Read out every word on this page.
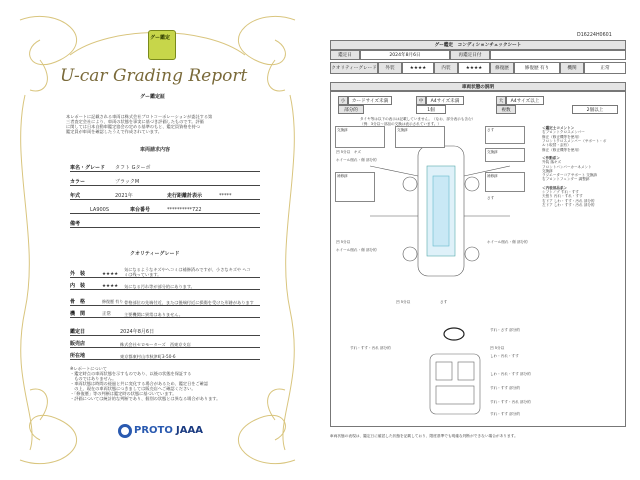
グー鑑定
U-car Grading Report
グー鑑定証
本レポートに記載される車両は株式会社プロトコーポレーションが委託する第
三者査定会社により、車両の状態を事実に基づき評価したものです。評価
に関しては日本自動車鑑定協会の定める基準のもと、鑑定員資格を持つ
鑑定員が車両を確認したうえで作成されています。
車両請求内容
車名・グレード	タフト Gターボ
カラー	ブラックM
年式	2021年	走行距離計表示	*****
LA900S	車台番号	**********722
備考
クオリティーグレード
外　装	★★★★
気になるようなキズやヘコミは補修済みですが、小さなキズや ヘコミは残っています。
内　装	★★★★	気になる汚れ等が部分的にあります。
骨　格	修復歴 有り 骨格部位の先端付近、または後端付近に損傷を受けた形跡があります
機　関	正常	主要機関に異常はありません。
鑑定日	2024年8月6日
販売店	株式会社セロモーターズ　西東京支店
所在地	東京都東村山市秋津町3-50-6
※レポートについて
・鑑定時点の車両状態を示すものであり、以後の状態を保証する
　ものではありません。
・車両状態は時間の経過と共に変化する場合があるため、鑑定日をご確認
　の上、現在の車両状態につきましては販売店へご確認ください。
・「修復歴」等の判断は鑑定時の状態に基づいています。
・評価については統計的な判断であり、個別の状態とは異なる場合があります。
PROTO JAAA
D16224H0601
グー鑑定　コンディションチェックシート
鑑定日	2024年8月6日	再鑑定日付
クオリティーグレード	外装	★★★★	内装	★★★★	修復歴	修復歴 有り	機関	正常
車両状態の説明
小	カードサイズ未満	中	A4サイズ未満	大	A4サイズ以上
部分的	1個	複数	2個以上
タイヤ等は以下の表示は記載していません。（なお、部分表示も含む）
（例：3分以～部品の交換は表示されています。）
交換跡	交換跡	さす
凹 5分以　キズ
ホイール削れ・傷 部分的
交換跡
補修跡	補修跡
さす
凹 5分以
ホイール削れ・傷 部分的
ホイール削れ・傷 部分的
凹 5分以	さす
すれ・さす 部分的
すれ・すす・汚れ 部分的	凹 5分以
しわ・汚れ・すす
しわ・汚れ・すす 部分的
すれ・すす 部分的
すれ・すす・汚れ 部分的
すれ・すす 部分的
＜鑑定士コメント＞
右フロントクロスメンバー
修正（修正機等を使用）
フロントクロスメンバー（サポート・ボ
ルト取替・歪有）
修正（修正機等を使用）
＜作動系＞
外装 落キズ
フロントバンパーカーネメント
交換跡
ラジエーターコアサポート 交換跡
右フロントフェンダー 調整跡
＜内装部品系＞
シフトノブ すれ・すす
天張り 汚れ・すれ・すす
右ドア しわ・すす・汚れ 部分的
左ドア しわ・すす・汚れ 部分的
車両状態の表現は、鑑定日に確認した状態を記載しており、限度基準でも明確な判断ができない場合があります。
